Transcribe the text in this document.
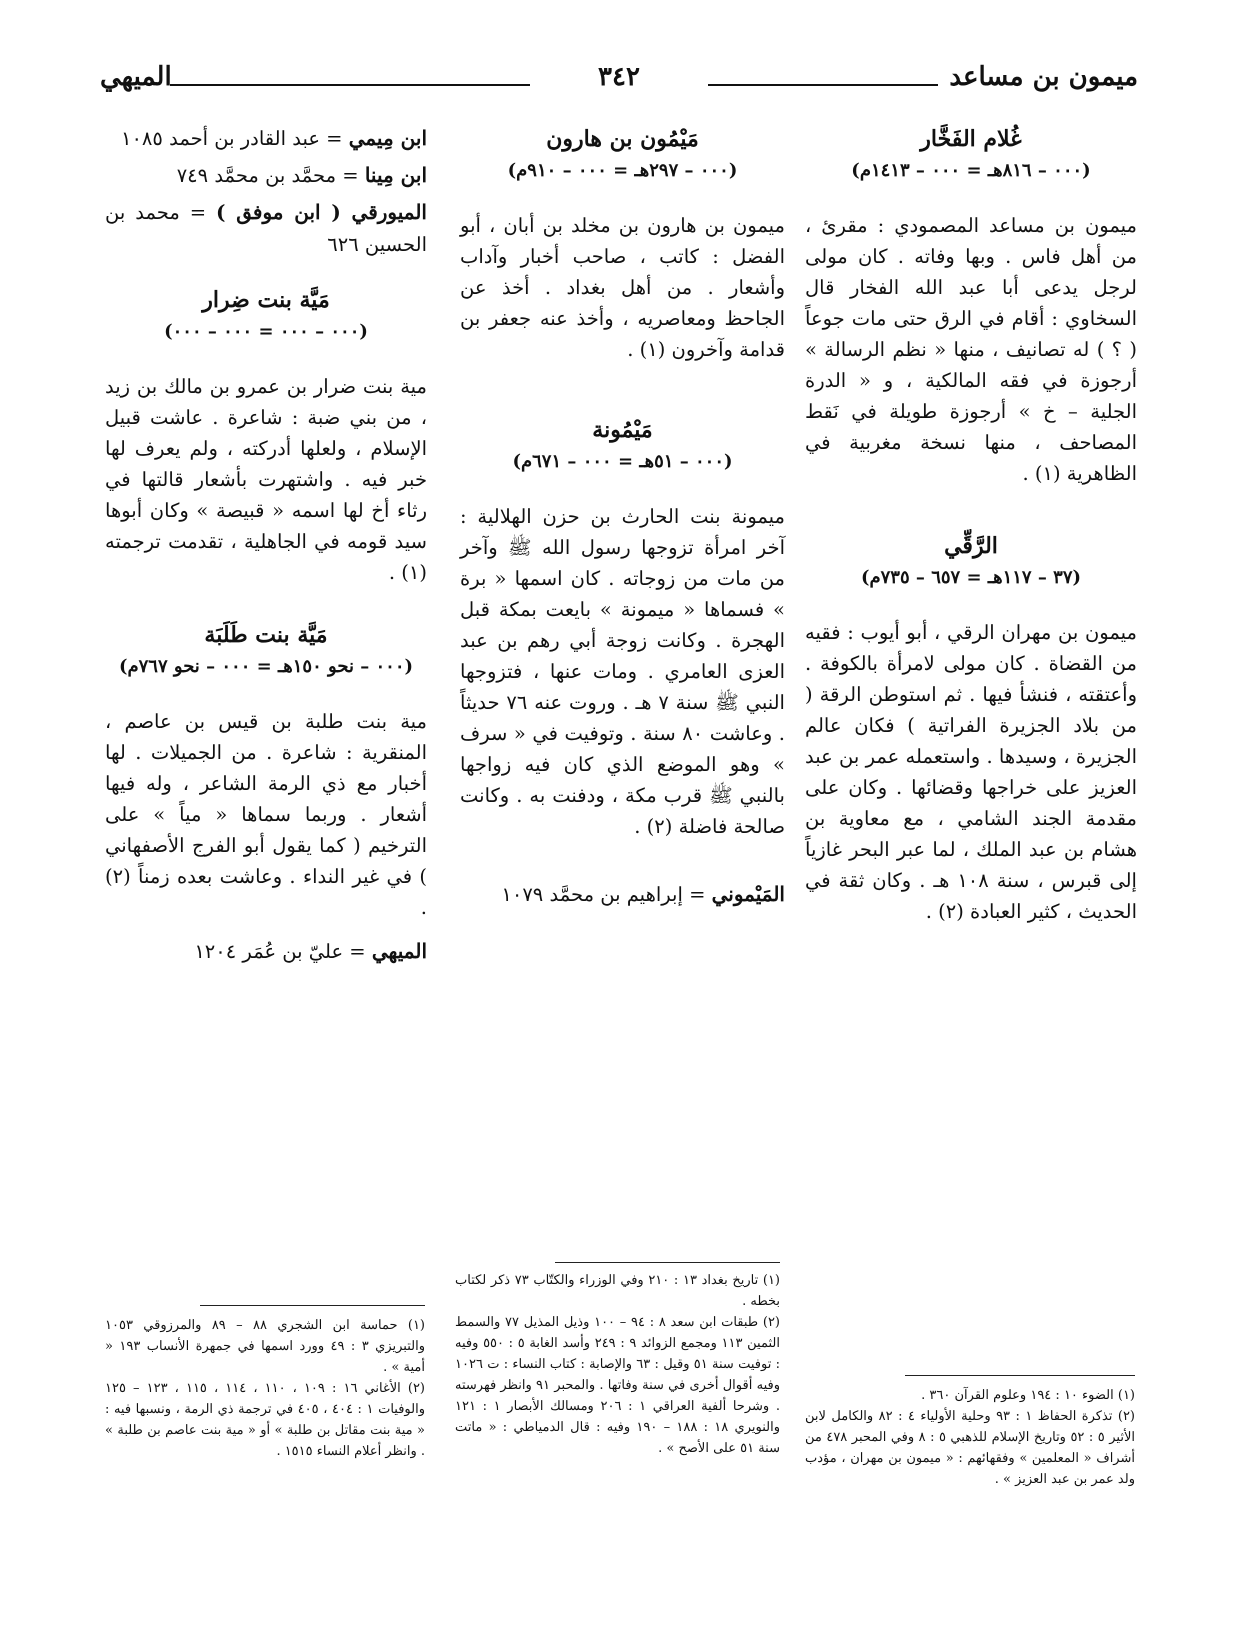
ميمون بن مساعد
٣٤٢
الميهي

غُلام الفَخَّار

(٠٠٠ – ٨١٦هـ = ٠٠٠ – ١٤١٣م)

ميمون بن مساعد المصمودي : مقرئ ، من أهل فاس . وبها وفاته . كان مولى لرجل يدعى أبا عبد الله الفخار قال السخاوي : أقام في الرق حتى مات جوعاً ( ؟ ) له تصانيف ، منها « نظم الرسالة » أرجوزة في فقه المالكية ، و « الدرة الجلية – خ » أرجوزة طويلة في نَقط المصاحف ، منها نسخة مغربية في الظاهرية (١) .

الرَّقِّي

(٣٧ – ١١٧هـ = ٦٥٧ – ٧٣٥م)

ميمون بن مهران الرقي ، أبو أيوب : فقيه من القضاة . كان مولى لامرأة بالكوفة . وأعتقته ، فنشأ فيها . ثم استوطن الرقة ( من بلاد الجزيرة الفراتية ) فكان عالم الجزيرة ، وسيدها . واستعمله عمر بن عبد العزيز على خراجها وقضائها . وكان على مقدمة الجند الشامي ، مع معاوية بن هشام بن عبد الملك ، لما عبر البحر غازياً إلى قبرس ، سنة ١٠٨ هـ . وكان ثقة في الحديث ، كثير العبادة (٢) .

مَيْمُون بن هارون

(٠٠٠ – ٢٩٧هـ = ٠٠٠ – ٩١٠م)

ميمون بن هارون بن مخلد بن أبان ، أبو الفضل : كاتب ، صاحب أخبار وآداب وأشعار . من أهل بغداد . أخذ عن الجاحظ ومعاصريه ، وأخذ عنه جعفر بن قدامة وآخرون (١) .

مَيْمُونة

(٠٠٠ – ٥١هـ = ٠٠٠ – ٦٧١م)

ميمونة بنت الحارث بن حزن الهلالية : آخر امرأة تزوجها رسول الله ﷺ وآخر من مات من زوجاته . كان اسمها « برة » فسماها « ميمونة » بايعت بمكة قبل الهجرة . وكانت زوجة أبي رهم بن عبد العزى العامري . ومات عنها ، فتزوجها النبي ﷺ سنة ٧ هـ . وروت عنه ٧٦ حديثاً . وعاشت ٨٠ سنة . وتوفيت في « سرف » وهو الموضع الذي كان فيه زواجها بالنبي ﷺ قرب مكة ، ودفنت به . وكانت صالحة فاضلة (٢) .

المَيْموني = إبراهيم بن محمَّد ١٠٧٩

ابن مِيمي = عبد القادر بن أحمد ١٠٨٥

ابن مِينا = محمَّد بن محمَّد ٧٤٩

الميورقي ( ابن موفق ) = محمد بن الحسين ٦٢٦

مَيَّة بنت ضِرار

(٠٠٠ – ٠٠٠ = ٠٠٠ – ٠٠٠)

مية بنت ضرار بن عمرو بن مالك بن زيد ، من بني ضبة : شاعرة . عاشت قبيل الإسلام ، ولعلها أدركته ، ولم يعرف لها خبر فيه . واشتهرت بأشعار قالتها في رثاء أخ لها اسمه « قبيصة » وكان أبوها سيد قومه في الجاهلية ، تقدمت ترجمته (١) .

مَيَّة بنت طَلَبَة

(٠٠٠ – نحو ١٥٠هـ = ٠٠٠ – نحو ٧٦٧م)

مية بنت طلبة بن قيس بن عاصم ، المنقرية : شاعرة . من الجميلات . لها أخبار مع ذي الرمة الشاعر ، وله فيها أشعار . وربما سماها « مياً » على الترخيم ( كما يقول أبو الفرج الأصفهاني ) في غير النداء . وعاشت بعده زمناً (٢) .

الميهي = عليّ بن عُمَر ١٢٠٤

(١) الضوء ١٠ : ١٩٤ وعلوم القرآن ٣٦٠ .

(٢) تذكرة الحفاظ ١ : ٩٣ وحلية الأولياء ٤ : ٨٢ والكامل لابن الأثير ٥ : ٥٢ وتاريخ الإسلام للذهبي ٥ : ٨ وفي المحبر ٤٧٨ من أشراف « المعلمين » وفقهائهم : « ميمون بن مهران ، مؤدب ولد عمر بن عبد العزيز » .

(١) تاريخ بغداد ١٣ : ٢١٠ وفي الوزراء والكتّاب ٧٣ ذكر لكتاب بخطه .

(٢) طبقات ابن سعد ٨ : ٩٤ – ١٠٠ وذيل المذيل ٧٧ والسمط الثمين ١١٣ ومجمع الزوائد ٩ : ٢٤٩ وأسد الغابة ٥ : ٥٥٠ وفيه : توفيت سنة ٥١ وقيل : ٦٣ والإصابة : كتاب النساء : ت ١٠٢٦ وفيه أقوال أخرى في سنة وفاتها . والمحبر ٩١ وانظر فهرسته . وشرحا ألفية العراقي ١ : ٢٠٦ ومسالك الأبصار ١ : ١٢١ والنويري ١٨ : ١٨٨ – ١٩٠ وفيه : قال الدمياطي : « ماتت سنة ٥١ على الأصح » .

(١) حماسة ابن الشجري ٨٨ – ٨٩ والمرزوقي ١٠٥٣ والتبريزي ٣ : ٤٩ وورد اسمها في جمهرة الأنساب ١٩٣ « أمية » .

(٢) الأغاني ١٦ : ١٠٩ ، ١١٠ ، ١١٤ ، ١١٥ ، ١٢٣ – ١٢٥ والوفيات ١ : ٤٠٤ ، ٤٠٥ في ترجمة ذي الرمة ، ونسبها فيه : « مية بنت مقاتل بن طلبة » أو « مية بنت عاصم بن طلبة » . وانظر أعلام النساء ١٥١٥ .
